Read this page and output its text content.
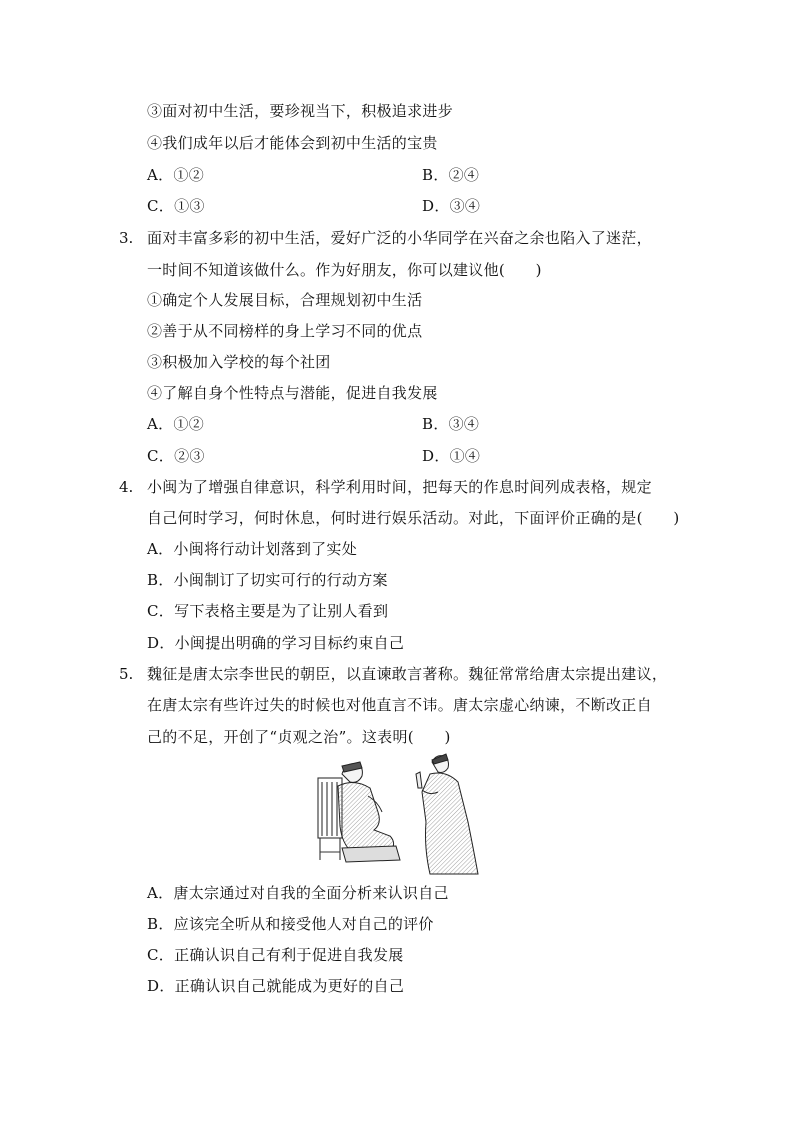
③面对初中生活，要珍视当下，积极追求进步
④我们成年以后才能体会到初中生活的宝贵
A．①②	B．②④
C．①③	D．③④
3. 面对丰富多彩的初中生活，爱好广泛的小华同学在兴奋之余也陷入了迷茫，
一时间不知道该做什么。作为好朋友，你可以建议他(　　)
①确定个人发展目标，合理规划初中生活
②善于从不同榜样的身上学习不同的优点
③积极加入学校的每个社团
④了解自身个性特点与潜能，促进自我发展
A．①②	B．③④
C．②③	D．①④
4. 小闽为了增强自律意识，科学利用时间，把每天的作息时间列成表格，规定
自己何时学习，何时休息，何时进行娱乐活动。对此，下面评价正确的是(　　)
A．小闽将行动计划落到了实处
B．小闽制订了切实可行的行动方案
C．写下表格主要是为了让别人看到
D．小闽提出明确的学习目标约束自己
5. 魏征是唐太宗李世民的朝臣，以直谏敢言著称。魏征常常给唐太宗提出建议，
在唐太宗有些许过失的时候也对他直言不讳。唐太宗虚心纳谏，不断改正自
己的不足，开创了“贞观之治”。这表明(　　)
A．唐太宗通过对自我的全面分析来认识自己
B．应该完全听从和接受他人对自己的评价
C．正确认识自己有利于促进自我发展
D．正确认识自己就能成为更好的自己
